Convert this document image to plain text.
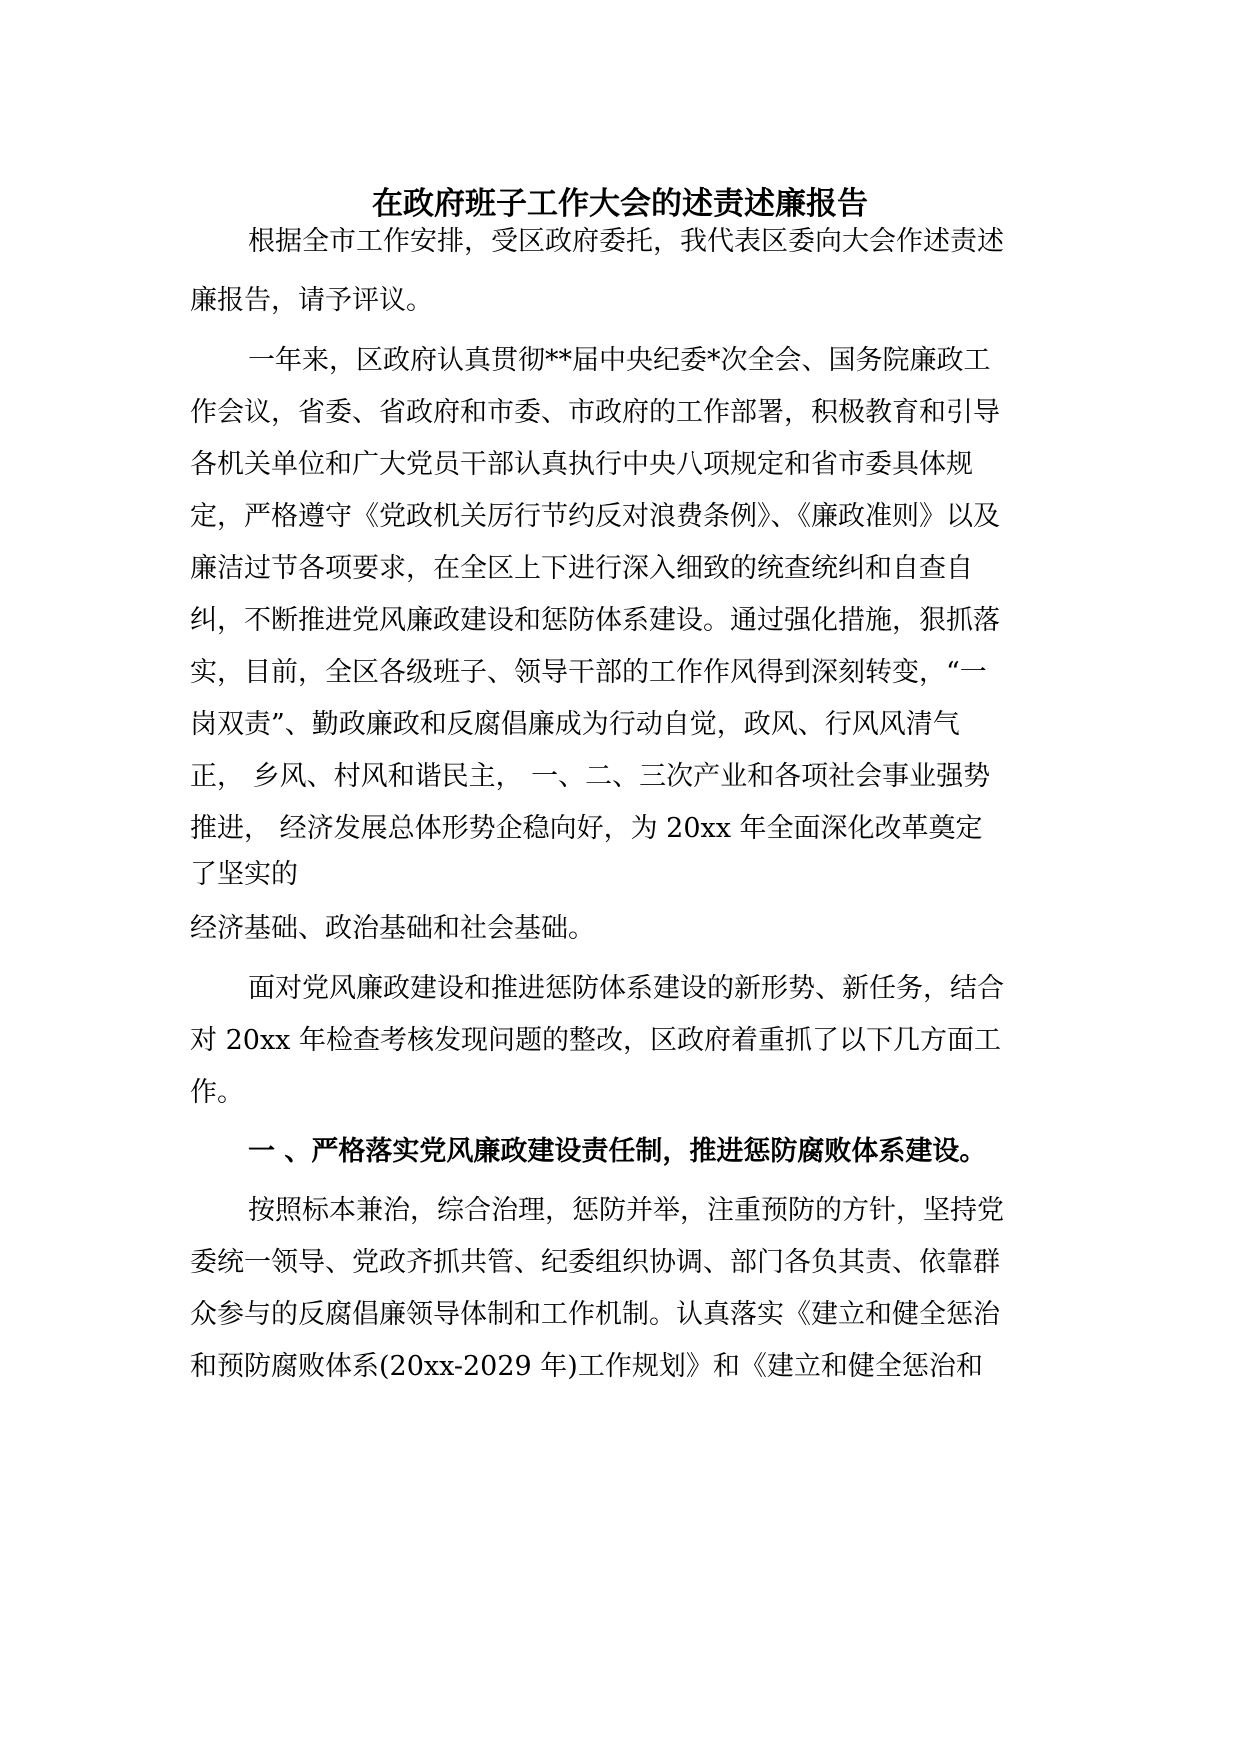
在政府班子工作大会的述责述廉报告
根据全市工作安排，受区政府委托，我代表区委向大会作述责述
廉报告，请予评议。
一年来，区政府认真贯彻**届中央纪委*次全会、国务院廉政工
作会议，省委、省政府和市委、市政府的工作部署，积极教育和引导
各机关单位和广大党员干部认真执行中央八项规定和省市委具体规
定，严格遵守《党政机关厉行节约反对浪费条例》、《廉政准则》以及
廉洁过节各项要求，在全区上下进行深入细致的统查统纠和自查自
纠，不断推进党风廉政建设和惩防体系建设。通过强化措施，狠抓落
实，目前，全区各级班子、领导干部的工作作风得到深刻转变，“一
岗双责”、勤政廉政和反腐倡廉成为行动自觉，政风、行风风清气
正， 乡风、村风和谐民主， 一、二、三次产业和各项社会事业强势
推进， 经济发展总体形势企稳向好，为 20xx 年全面深化改革奠定
了坚实的
经济基础、政治基础和社会基础。
面对党风廉政建设和推进惩防体系建设的新形势、新任务，结合
对 20xx 年检查考核发现问题的整改，区政府着重抓了以下几方面工
作。
一 、严格落实党风廉政建设责任制，推进惩防腐败体系建设。
按照标本兼治，综合治理，惩防并举，注重预防的方针，坚持党
委统一领导、党政齐抓共管、纪委组织协调、部门各负其责、依靠群
众参与的反腐倡廉领导体制和工作机制。认真落实《建立和健全惩治
和预防腐败体系(20xx-2029 年)工作规划》和《建立和健全惩治和
